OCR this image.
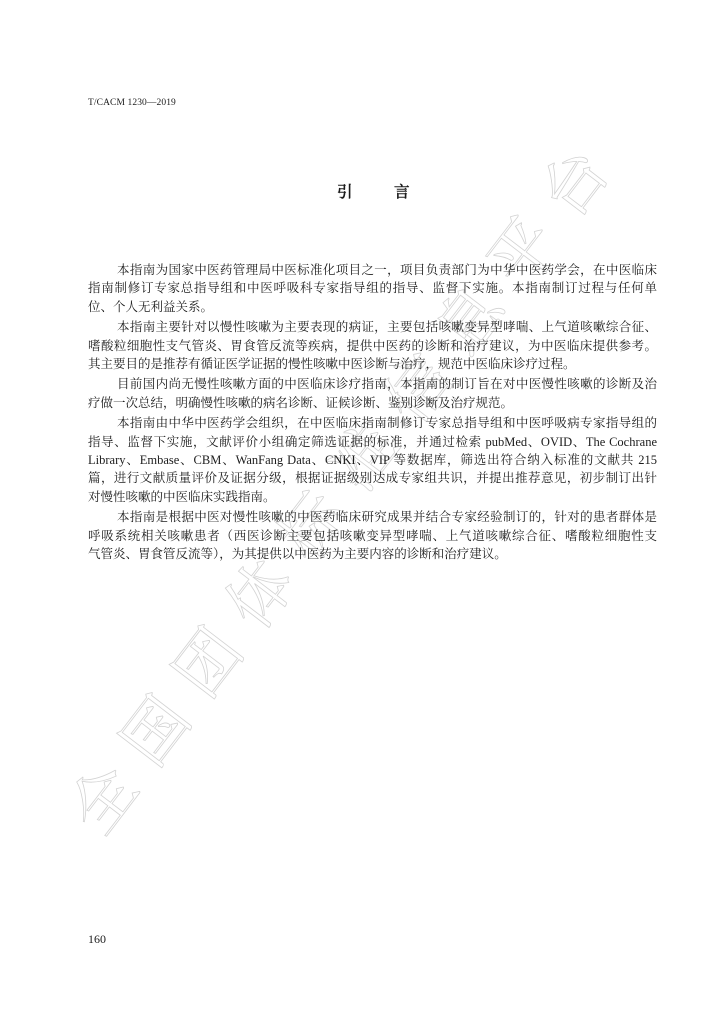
全国团体标准信息平台
T/CACM 1230—2019
引　言
本指南为国家中医药管理局中医标准化项目之一，项目负责部门为中华中医药学会，在中医临床
指南制修订专家总指导组和中医呼吸科专家指导组的指导、监督下实施。本指南制订过程与任何单
位、个人无利益关系。
本指南主要针对以慢性咳嗽为主要表现的病证，主要包括咳嗽变异型哮喘、上气道咳嗽综合征、
嗜酸粒细胞性支气管炎、胃食管反流等疾病，提供中医药的诊断和治疗建议，为中医临床提供参考。
其主要目的是推荐有循证医学证据的慢性咳嗽中医诊断与治疗，规范中医临床诊疗过程。
目前国内尚无慢性咳嗽方面的中医临床诊疗指南，本指南的制订旨在对中医慢性咳嗽的诊断及治
疗做一次总结，明确慢性咳嗽的病名诊断、证候诊断、鉴别诊断及治疗规范。
本指南由中华中医药学会组织，在中医临床指南制修订专家总指导组和中医呼吸病专家指导组的
指导、监督下实施，文献评价小组确定筛选证据的标准，并通过检索 pubMed、OVID、The Cochrane
Library、Embase、CBM、WanFang Data、CNKI、VIP 等数据库，筛选出符合纳入标准的文献共 215
篇，进行文献质量评价及证据分级，根据证据级别达成专家组共识，并提出推荐意见，初步制订出针
对慢性咳嗽的中医临床实践指南。
本指南是根据中医对慢性咳嗽的中医药临床研究成果并结合专家经验制订的，针对的患者群体是
呼吸系统相关咳嗽患者（西医诊断主要包括咳嗽变异型哮喘、上气道咳嗽综合征、嗜酸粒细胞性支
气管炎、胃食管反流等），为其提供以中医药为主要内容的诊断和治疗建议。
160
